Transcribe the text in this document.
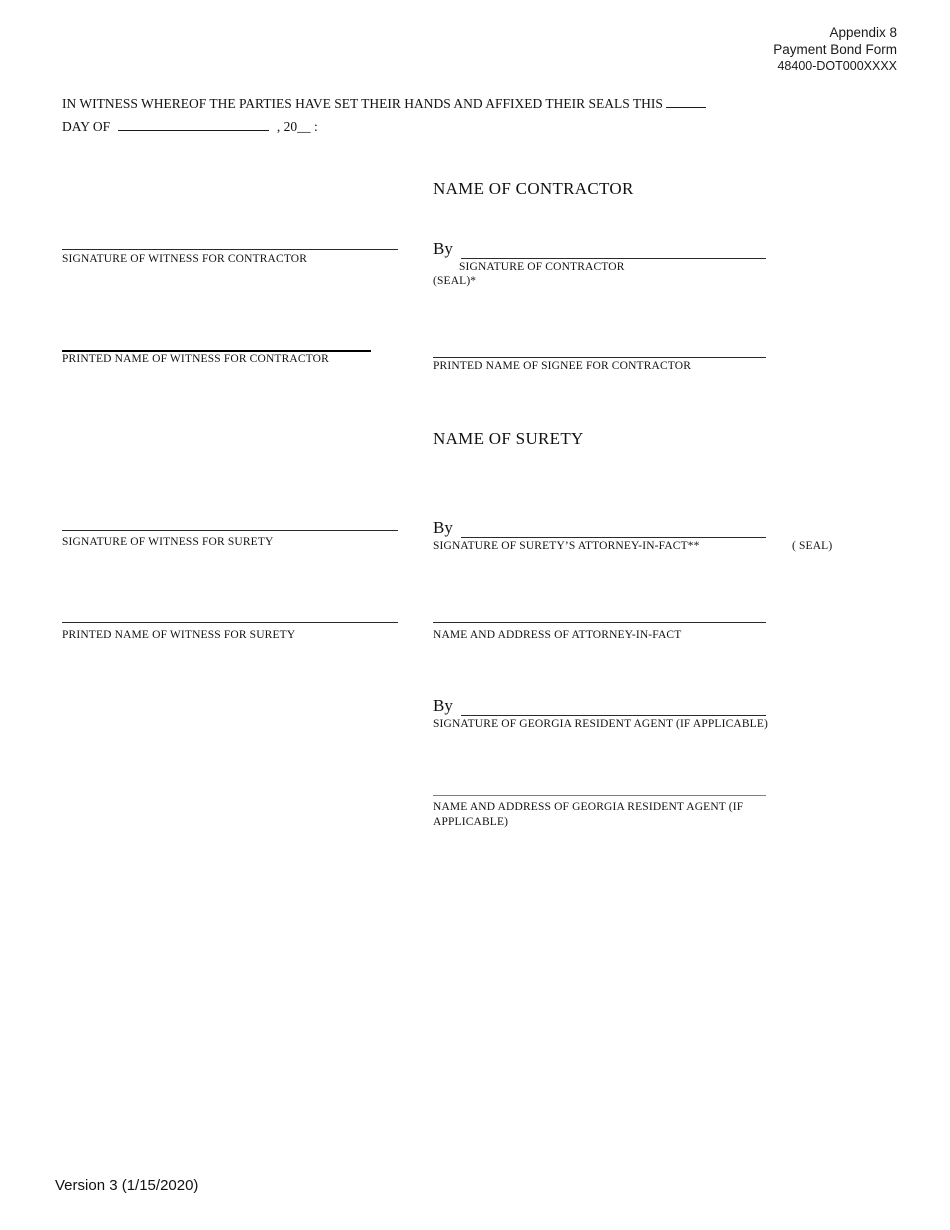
Appendix 8
Payment Bond Form
48400-DOT000XXXX
IN WITNESS WHEREOF THE PARTIES HAVE SET THEIR HANDS AND AFFIXED THEIR SEALS THIS
DAY OF	, 20__ :
NAME OF CONTRACTOR
SIGNATURE OF WITNESS FOR CONTRACTOR
By
SIGNATURE OF CONTRACTOR
(SEAL)*
PRINTED NAME OF WITNESS FOR CONTRACTOR
PRINTED NAME OF SIGNEE FOR CONTRACTOR
NAME OF SURETY
SIGNATURE OF WITNESS FOR SURETY
By
SIGNATURE OF SURETY’S ATTORNEY-IN-FACT**	( SEAL)
PRINTED NAME OF WITNESS FOR SURETY	NAME AND ADDRESS OF ATTORNEY-IN-FACT
By
SIGNATURE OF GEORGIA RESIDENT AGENT (IF APPLICABLE)
NAME AND ADDRESS OF GEORGIA RESIDENT AGENT (IF APPLICABLE)
Version 3 (1/15/2020)
